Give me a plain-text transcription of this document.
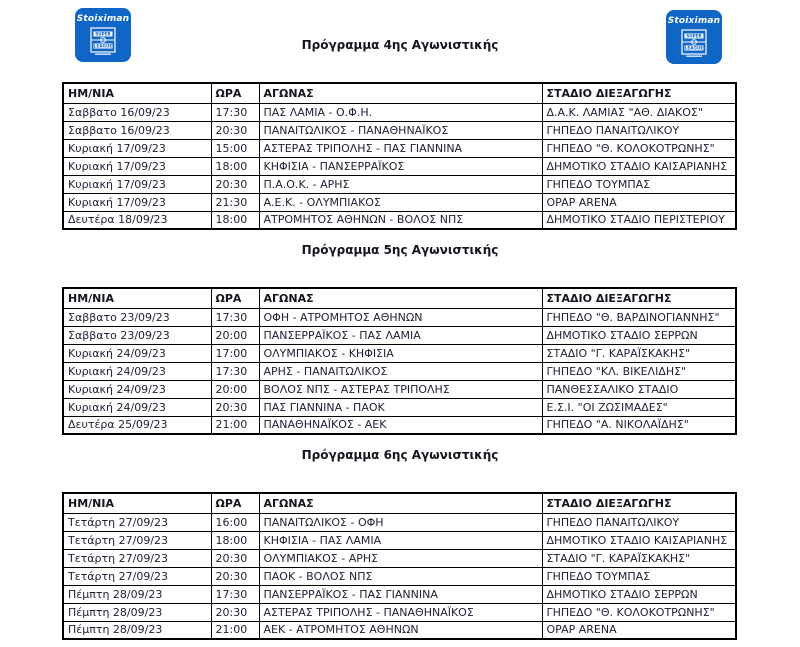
Stoiximan
SUPER
LEAGUE
Stoiximan
SUPER
LEAGUE
Πρόγραμμα 4ης Αγωνιστικής
ΗΜ/ΝΙΑ	ΩΡΑ	ΑΓΩΝΑΣ	ΣΤΑΔΙΟ ΔΙΕΞΑΓΩΓΗΣ
Σαββατο 16/09/23	17:30	ΠΑΣ ΛΑΜΙΑ - Ο.Φ.Η.	Δ.Α.Κ. ΛΑΜΙΑΣ "ΑΘ. ΔΙΑΚΟΣ"
Σαββατο 16/09/23	20:30	ΠΑΝΑΙΤΩΛΙΚΟΣ - ΠΑΝΑΘΗΝΑΪΚΟΣ	ΓΗΠΕΔΟ ΠΑΝΑΙΤΩΛΙΚΟΥ
Κυριακή 17/09/23	15:00	ΑΣΤΕΡΑΣ ΤΡΙΠΟΛΗΣ - ΠΑΣ ΓΙΑΝΝΙΝΑ	ΓΗΠΕΔΟ "Θ. ΚΟΛΟΚΟΤΡΩΝΗΣ"
Κυριακή 17/09/23	18:00	ΚΗΦΙΣΙΑ - ΠΑΝΣΕΡΡΑΪΚΟΣ	ΔΗΜΟΤΙΚΟ ΣΤΑΔΙΟ ΚΑΙΣΑΡΙΑΝΗΣ
Κυριακή 17/09/23	20:30	Π.Α.Ο.Κ. - ΑΡΗΣ	ΓΗΠΕΔΟ ΤΟΥΜΠΑΣ
Κυριακή 17/09/23	21:30	Α.Ε.Κ. - ΟΛΥΜΠΙΑΚΟΣ	OPAP ARENA
Δευτέρα 18/09/23	18:00	ΑΤΡΟΜΗΤΟΣ ΑΘΗΝΩΝ - ΒΟΛΟΣ ΝΠΣ	ΔΗΜΟΤΙΚΟ ΣΤΑΔΙΟ ΠΕΡΙΣΤΕΡΙΟΥ
Πρόγραμμα 5ης Αγωνιστικής
ΗΜ/ΝΙΑ	ΩΡΑ	ΑΓΩΝΑΣ	ΣΤΑΔΙΟ ΔΙΕΞΑΓΩΓΗΣ
Σαββατο 23/09/23	17:30	ΟΦΗ - ΑΤΡΟΜΗΤΟΣ ΑΘΗΝΩΝ	ΓΗΠΕΔΟ "Θ. ΒΑΡΔΙΝΟΓΙΑΝΝΗΣ"
Σαββατο 23/09/23	20:00	ΠΑΝΣΕΡΡΑΪΚΟΣ - ΠΑΣ ΛΑΜΙΑ	ΔΗΜΟΤΙΚΟ ΣΤΑΔΙΟ ΣΕΡΡΩΝ
Κυριακή 24/09/23	17:00	ΟΛΥΜΠΙΑΚΟΣ - ΚΗΦΙΣΙΑ	ΣΤΑΔΙΟ "Γ. ΚΑΡΑΪΣΚΑΚΗΣ"
Κυριακή 24/09/23	17:30	ΑΡΗΣ - ΠΑΝΑΙΤΩΛΙΚΟΣ	ΓΗΠΕΔΟ "ΚΛ. ΒΙΚΕΛΙΔΗΣ"
Κυριακή 24/09/23	20:00	ΒΟΛΟΣ ΝΠΣ - ΑΣΤΕΡΑΣ ΤΡΙΠΟΛΗΣ	ΠΑΝΘΕΣΣΑΛΙΚΟ ΣΤΑΔΙΟ
Κυριακή 24/09/23	20:30	ΠΑΣ ΓΙΑΝΝΙΝΑ - ΠΑΟΚ	Ε.Σ.Ι. "ΟΙ ΖΩΣΙΜΑΔΕΣ"
Δευτέρα 25/09/23	21:00	ΠΑΝΑΘΗΝΑΪΚΟΣ - ΑΕΚ	ΓΗΠΕΔΟ "Α. ΝΙΚΟΛΑΪΔΗΣ"
Πρόγραμμα 6ης Αγωνιστικής
ΗΜ/ΝΙΑ	ΩΡΑ	ΑΓΩΝΑΣ	ΣΤΑΔΙΟ ΔΙΕΞΑΓΩΓΗΣ
Τετάρτη 27/09/23	16:00	ΠΑΝΑΙΤΩΛΙΚΟΣ - ΟΦΗ	ΓΗΠΕΔΟ ΠΑΝΑΙΤΩΛΙΚΟΥ
Τετάρτη 27/09/23	18:00	ΚΗΦΙΣΙΑ - ΠΑΣ ΛΑΜΙΑ	ΔΗΜΟΤΙΚΟ ΣΤΑΔΙΟ ΚΑΙΣΑΡΙΑΝΗΣ
Τετάρτη 27/09/23	20:30	ΟΛΥΜΠΙΑΚΟΣ - ΑΡΗΣ	ΣΤΑΔΙΟ "Γ. ΚΑΡΑΪΣΚΑΚΗΣ"
Τετάρτη 27/09/23	20:30	ΠΑΟΚ - ΒΟΛΟΣ ΝΠΣ	ΓΗΠΕΔΟ ΤΟΥΜΠΑΣ
Πέμπτη 28/09/23	17:30	ΠΑΝΣΕΡΡΑΪΚΟΣ - ΠΑΣ ΓΙΑΝΝΙΝΑ	ΔΗΜΟΤΙΚΟ ΣΤΑΔΙΟ ΣΕΡΡΩΝ
Πέμπτη 28/09/23	20:30	ΑΣΤΕΡΑΣ ΤΡΙΠΟΛΗΣ - ΠΑΝΑΘΗΝΑΪΚΟΣ	ΓΗΠΕΔΟ "Θ. ΚΟΛΟΚΟΤΡΩΝΗΣ"
Πέμπτη 28/09/23	21:00	ΑΕΚ - ΑΤΡΟΜΗΤΟΣ ΑΘΗΝΩΝ	OPAP ARENA
